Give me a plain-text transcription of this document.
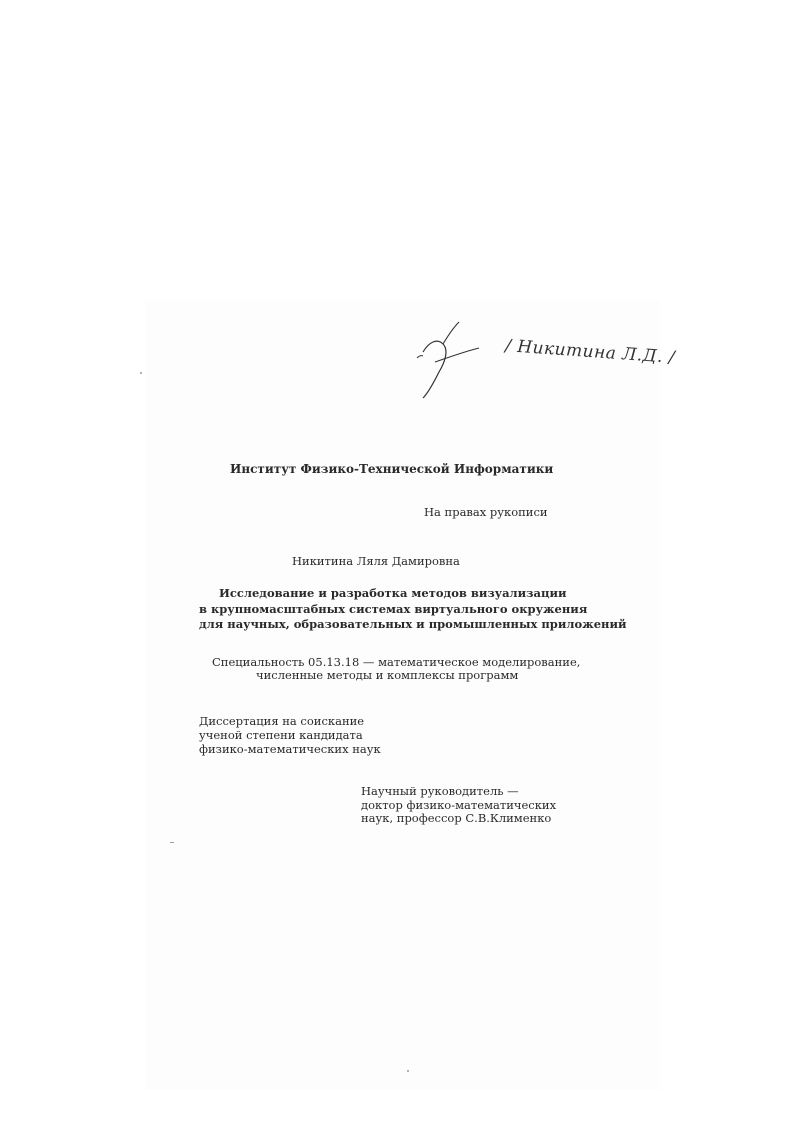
/ Никитина Л.Д. /
Институт Физико-Технической Информатики
На правах рукописи
Никитина Ляля Дамировна
Исследование и разработка методов визуализации
в крупномасштабных системах виртуального окружения
для научных, образовательных и промышленных приложений
Специальность 05.13.18 — математическое моделирование,
численные методы и комплексы программ
Диссертация на соискание
ученой степени кандидата
физико-математических наук
Научный руководитель —
доктор физико-математических
наук, профессор С.В.Клименко
